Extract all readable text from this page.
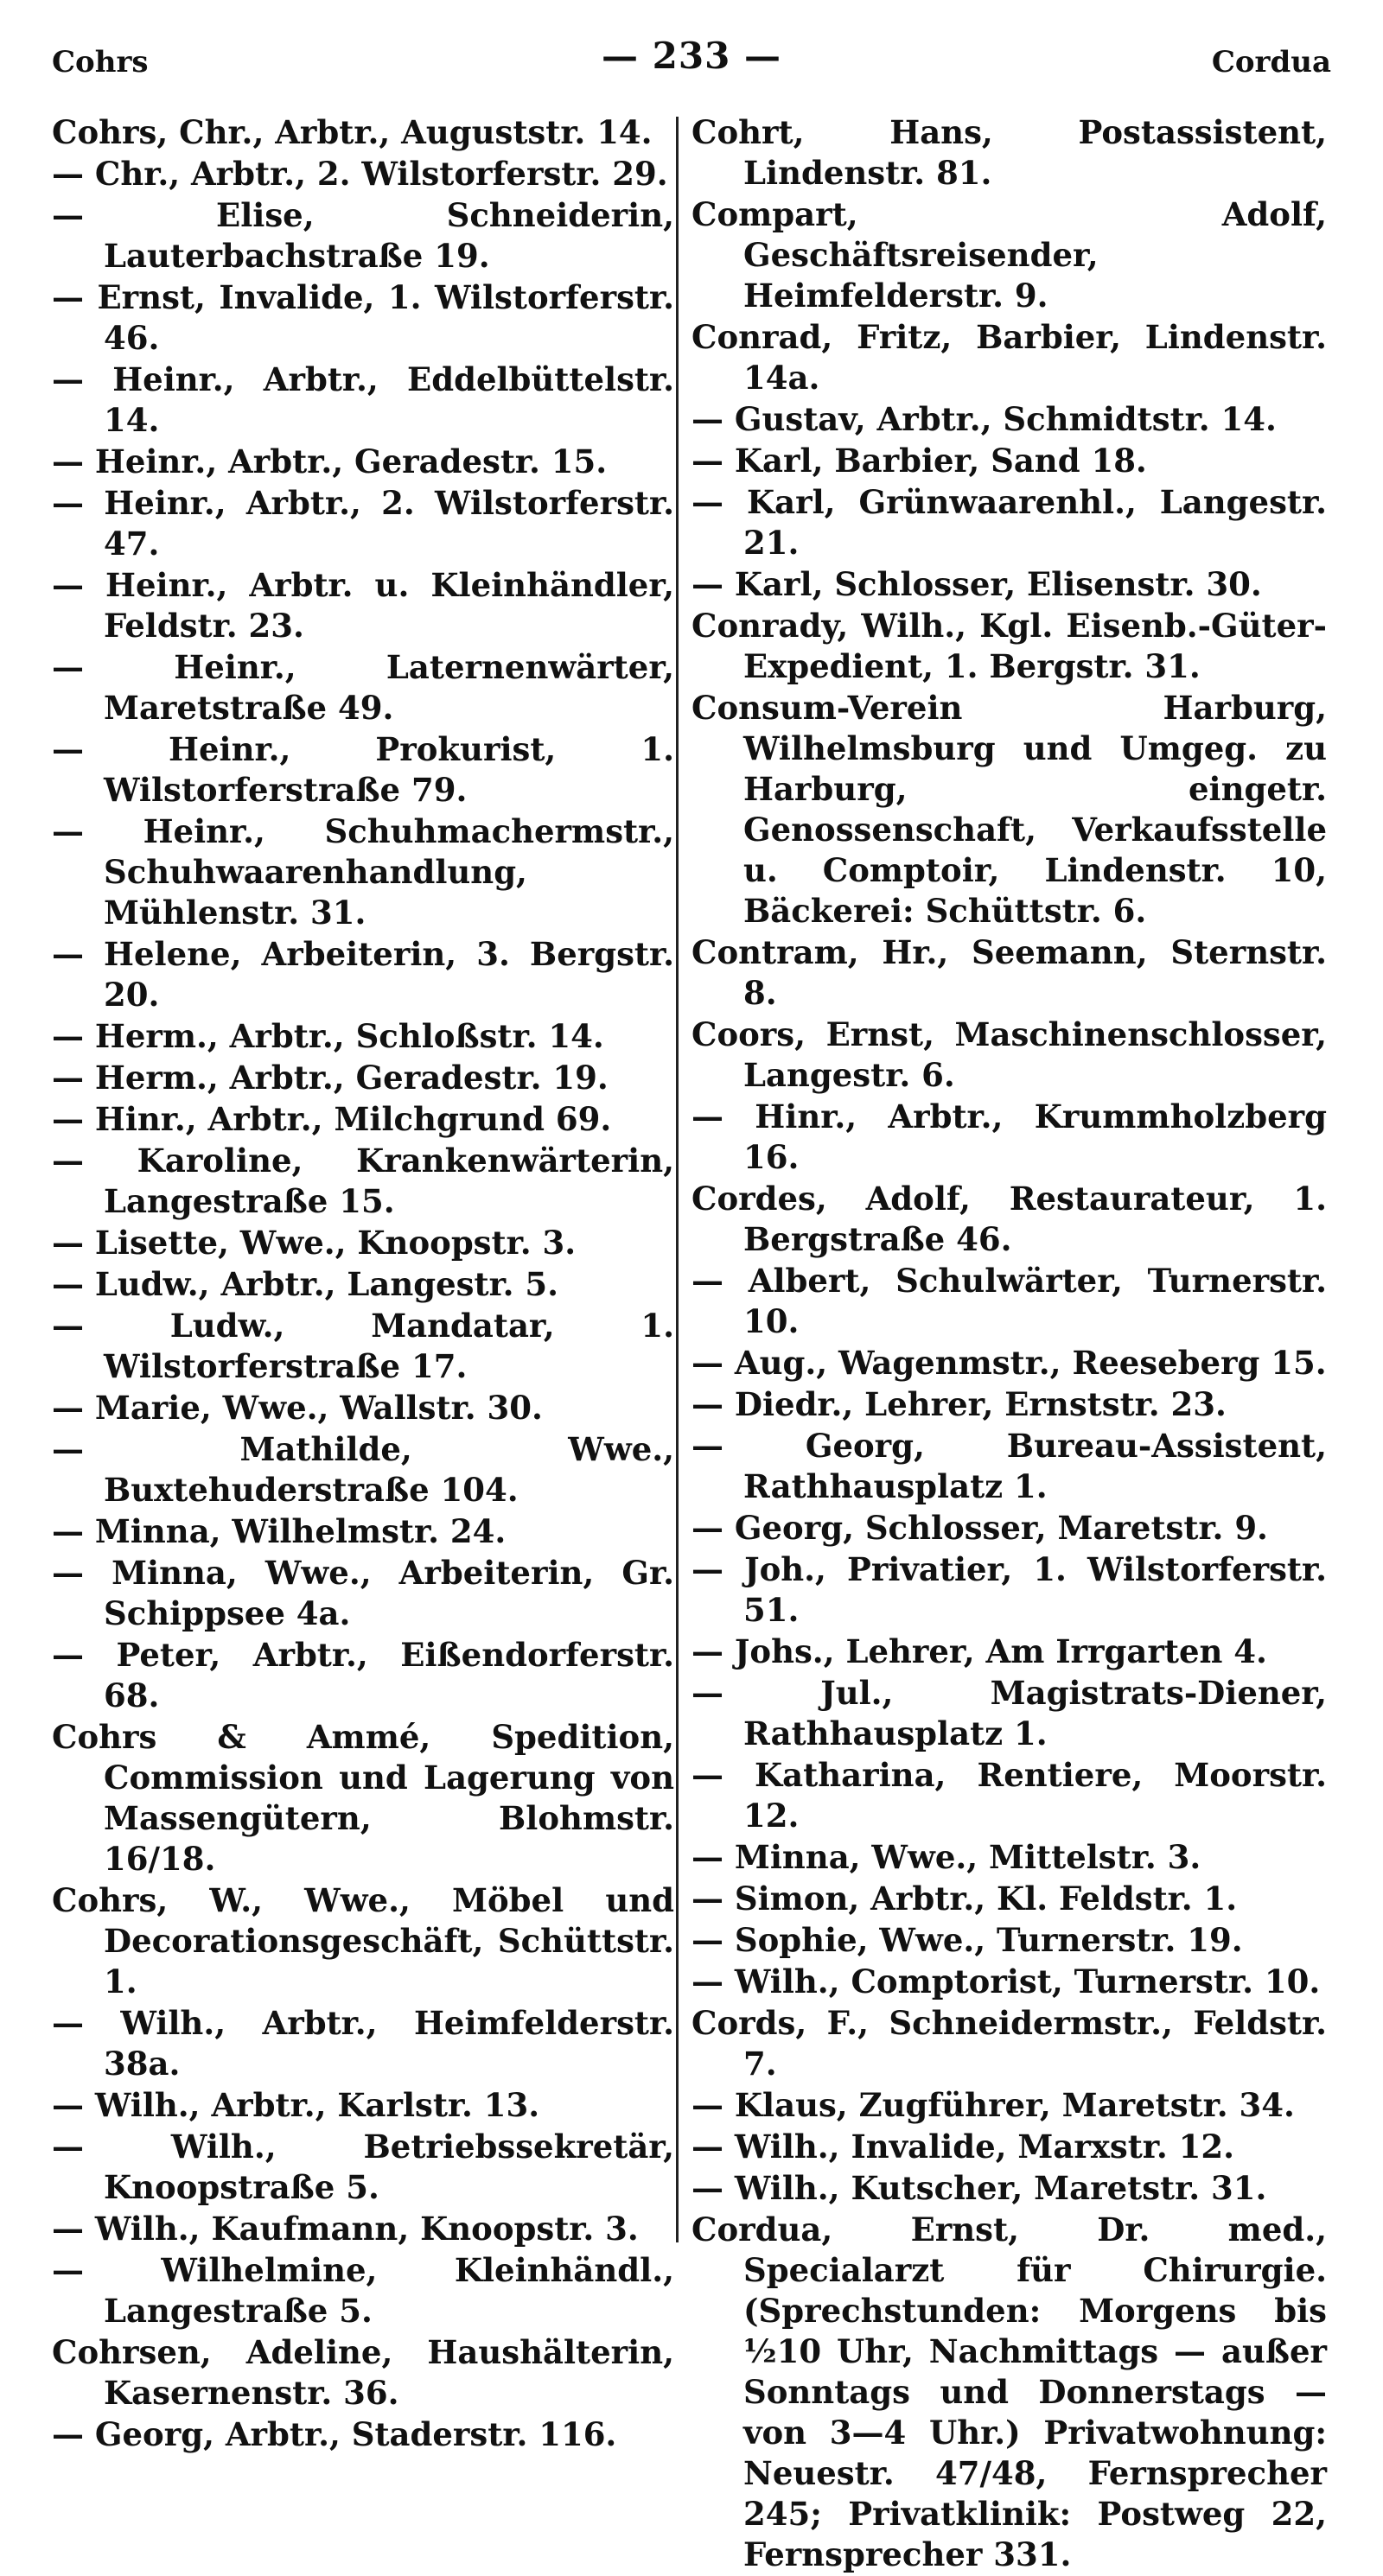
Cohrs	— 233 —	Cordua
Cohrs, Chr., Arbtr., Auguststr. 14.
— Chr., Arbtr., 2. Wilstorferstr. 29.
— Elise, Schneiderin, Lauterbachstraße 19.
— Ernst, Invalide, 1. Wilstorferstr. 46.
— Heinr., Arbtr., Eddelbüttelstr. 14.
— Heinr., Arbtr., Geradestr. 15.
— Heinr., Arbtr., 2. Wilstorferstr. 47.
— Heinr., Arbtr. u. Kleinhändler, Feldstr. 23.
— Heinr., Laternenwärter, Maretstraße 49.
— Heinr., Prokurist, 1. Wilstorferstraße 79.
— Heinr., Schuhmachermstr., Schuhwaarenhandlung, Mühlenstr. 31.
— Helene, Arbeiterin, 3. Bergstr. 20.
— Herm., Arbtr., Schloßstr. 14.
— Herm., Arbtr., Geradestr. 19.
— Hinr., Arbtr., Milchgrund 69.
— Karoline, Krankenwärterin, Langestraße 15.
— Lisette, Wwe., Knoopstr. 3.
— Ludw., Arbtr., Langestr. 5.
— Ludw., Mandatar, 1. Wilstorferstraße 17.
— Marie, Wwe., Wallstr. 30.
— Mathilde, Wwe., Buxtehuderstraße 104.
— Minna, Wilhelmstr. 24.
— Minna, Wwe., Arbeiterin, Gr. Schippsee 4a.
— Peter, Arbtr., Eißendorferstr. 68.
Cohrs & Ammé, Spedition, Commission und Lagerung von Massengütern, Blohmstr. 16/18.
Cohrs, W., Wwe., Möbel und Decorationsgeschäft, Schüttstr. 1.
— Wilh., Arbtr., Heimfelderstr. 38a.
— Wilh., Arbtr., Karlstr. 13.
— Wilh., Betriebssekretär, Knoopstraße 5.
— Wilh., Kaufmann, Knoopstr. 3.
— Wilhelmine, Kleinhändl., Langestraße 5.
Cohrsen, Adeline, Haushälterin, Kasernenstr. 36.
— Georg, Arbtr., Staderstr. 116.
Cohrt, Hans, Postassistent, Lindenstr. 81.
Compart, Adolf, Geschäftsreisender, Heimfelderstr. 9.
Conrad, Fritz, Barbier, Lindenstr. 14a.
— Gustav, Arbtr., Schmidtstr. 14.
— Karl, Barbier, Sand 18.
— Karl, Grünwaarenhl., Langestr. 21.
— Karl, Schlosser, Elisenstr. 30.
Conrady, Wilh., Kgl. Eisenb.-Güter-Expedient, 1. Bergstr. 31.
Consum-Verein Harburg, Wilhelmsburg und Umgeg. zu Harburg, eingetr. Genossenschaft, Verkaufsstelle u. Comptoir, Lindenstr. 10, Bäckerei: Schüttstr. 6.
Contram, Hr., Seemann, Sternstr. 8.
Coors, Ernst, Maschinenschlosser, Langestr. 6.
— Hinr., Arbtr., Krummholzberg 16.
Cordes, Adolf, Restaurateur, 1. Bergstraße 46.
— Albert, Schulwärter, Turnerstr. 10.
— Aug., Wagenmstr., Reeseberg 15.
— Diedr., Lehrer, Ernststr. 23.
— Georg, Bureau-Assistent, Rathhausplatz 1.
— Georg, Schlosser, Maretstr. 9.
— Joh., Privatier, 1. Wilstorferstr. 51.
— Johs., Lehrer, Am Irrgarten 4.
— Jul., Magistrats-Diener, Rathhausplatz 1.
— Katharina, Rentiere, Moorstr. 12.
— Minna, Wwe., Mittelstr. 3.
— Simon, Arbtr., Kl. Feldstr. 1.
— Sophie, Wwe., Turnerstr. 19.
— Wilh., Comptorist, Turnerstr. 10.
Cords, F., Schneidermstr., Feldstr. 7.
— Klaus, Zugführer, Maretstr. 34.
— Wilh., Invalide, Marxstr. 12.
— Wilh., Kutscher, Maretstr. 31.
Cordua, Ernst, Dr. med., Specialarzt für Chirurgie. (Sprechstunden: Morgens bis ½10 Uhr, Nachmittags — außer Sonntags und Donnerstags — von 3—4 Uhr.) Privatwohnung: Neuestr. 47/48, Fernsprecher 245; Privatklinik: Postweg 22, Fernsprecher 331.
